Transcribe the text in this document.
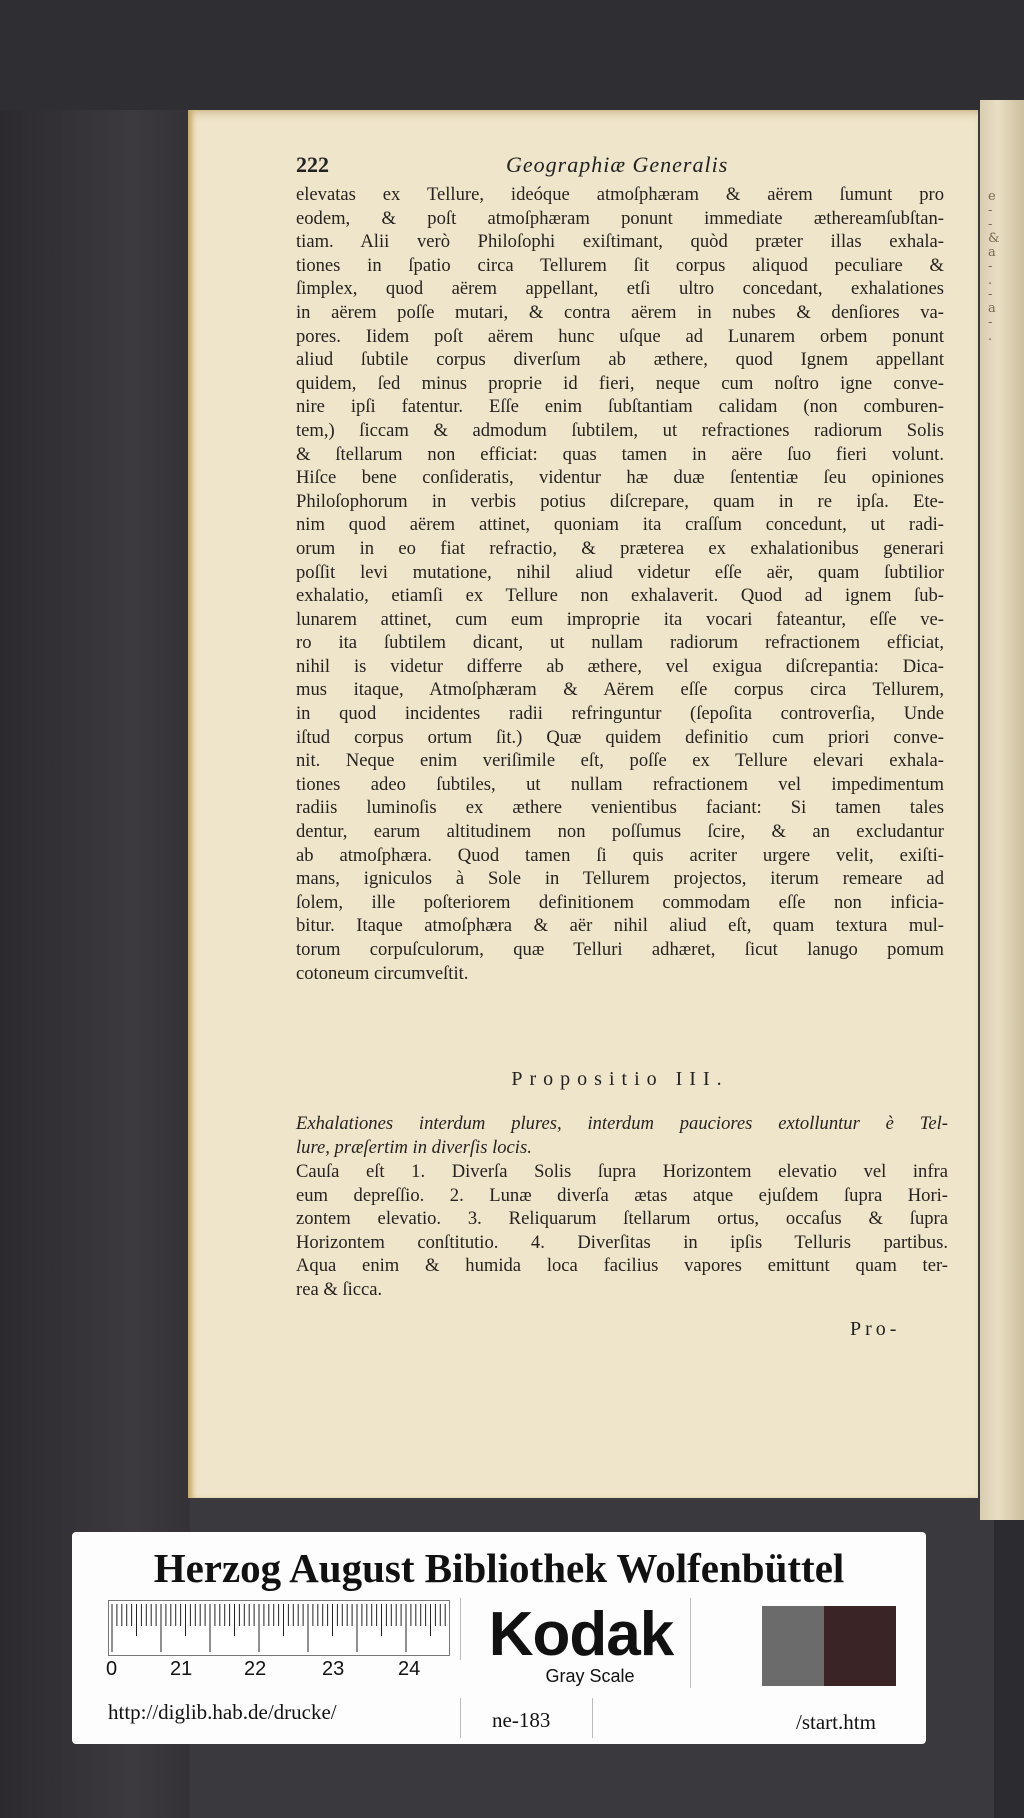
e
-
-
&
a
-
.
-
a
-
.
222	Geographiæ Generalis
elevatas ex Tellure, ideóque atmoſphæram & aërem ſumunt pro
eodem, & poſt atmoſphæram ponunt immediate æthereamſubſtan-
tiam. Alii verò Philoſophi exiſtimant, quòd præter illas exhala-
tiones in ſpatio circa Tellurem ſit corpus aliquod peculiare &
ſimplex, quod aërem appellant, etſi ultro concedant, exhalationes
in aërem poſſe mutari, & contra aërem in nubes & denſiores va-
pores. Iidem poſt aërem hunc uſque ad Lunarem orbem ponunt
aliud ſubtile corpus diverſum ab æthere, quod Ignem appellant
quidem, ſed minus proprie id fieri, neque cum noſtro igne conve-
nire ipſi fatentur. Eſſe enim ſubſtantiam calidam (non comburen-
tem,) ſiccam & admodum ſubtilem, ut refractiones radiorum Solis
& ſtellarum non efficiat: quas tamen in aëre ſuo fieri volunt.
Hiſce bene conſideratis, videntur hæ duæ ſententiæ ſeu opiniones
Philoſophorum in verbis potius diſcrepare, quam in re ipſa. Ete-
nim quod aërem attinet, quoniam ita craſſum concedunt, ut radi-
orum in eo fiat refractio, & præterea ex exhalationibus generari
poſſit levi mutatione, nihil aliud videtur eſſe aër, quam ſubtilior
exhalatio, etiamſi ex Tellure non exhalaverit. Quod ad ignem ſub-
lunarem attinet, cum eum improprie ita vocari fateantur, eſſe ve-
ro ita ſubtilem dicant, ut nullam radiorum refractionem efficiat,
nihil is videtur differre ab æthere, vel exigua diſcrepantia: Dica-
mus itaque, Atmoſphæram & Aërem eſſe corpus circa Tellurem,
in quod incidentes radii refringuntur (ſepoſita controverſia, Unde
iſtud corpus ortum ſit.) Quæ quidem definitio cum priori conve-
nit. Neque enim veriſimile eſt, poſſe ex Tellure elevari exhala-
tiones adeo ſubtiles, ut nullam refractionem vel impedimentum
radiis luminoſis ex æthere venientibus faciant: Si tamen tales
dentur, earum altitudinem non poſſumus ſcire, & an excludantur
ab atmoſphæra. Quod tamen ſi quis acriter urgere velit, exiſti-
mans, igniculos à Sole in Tellurem projectos, iterum remeare ad
ſolem, ille poſteriorem definitionem commodam eſſe non inficia-
bitur. Itaque atmoſphæra & aër nihil aliud eſt, quam textura mul-
torum corpuſculorum, quæ Telluri adhæret, ſicut lanugo pomum
cotoneum circumveſtit.
Propositio III.
Exhalationes interdum plures, interdum pauciores extolluntur è Tel-
lure, præſertim in diverſis locis.
Cauſa eſt 1. Diverſa Solis ſupra Horizontem elevatio vel infra
eum depreſſio. 2. Lunæ diverſa ætas atque ejuſdem ſupra Hori-
zontem elevatio. 3. Reliquarum ſtellarum ortus, occaſus & ſupra
Horizontem conſtitutio. 4. Diverſitas in ipſis Telluris partibus.
Aqua enim & humida loca facilius vapores emittunt quam ter-
rea & ſicca.
Pro-
Herzog August Bibliothek Wolfenbüttel
0	21	22	23	24 Kodak
Gray Scale
http://diglib.hab.de/drucke/	ne-183	/start.htm
